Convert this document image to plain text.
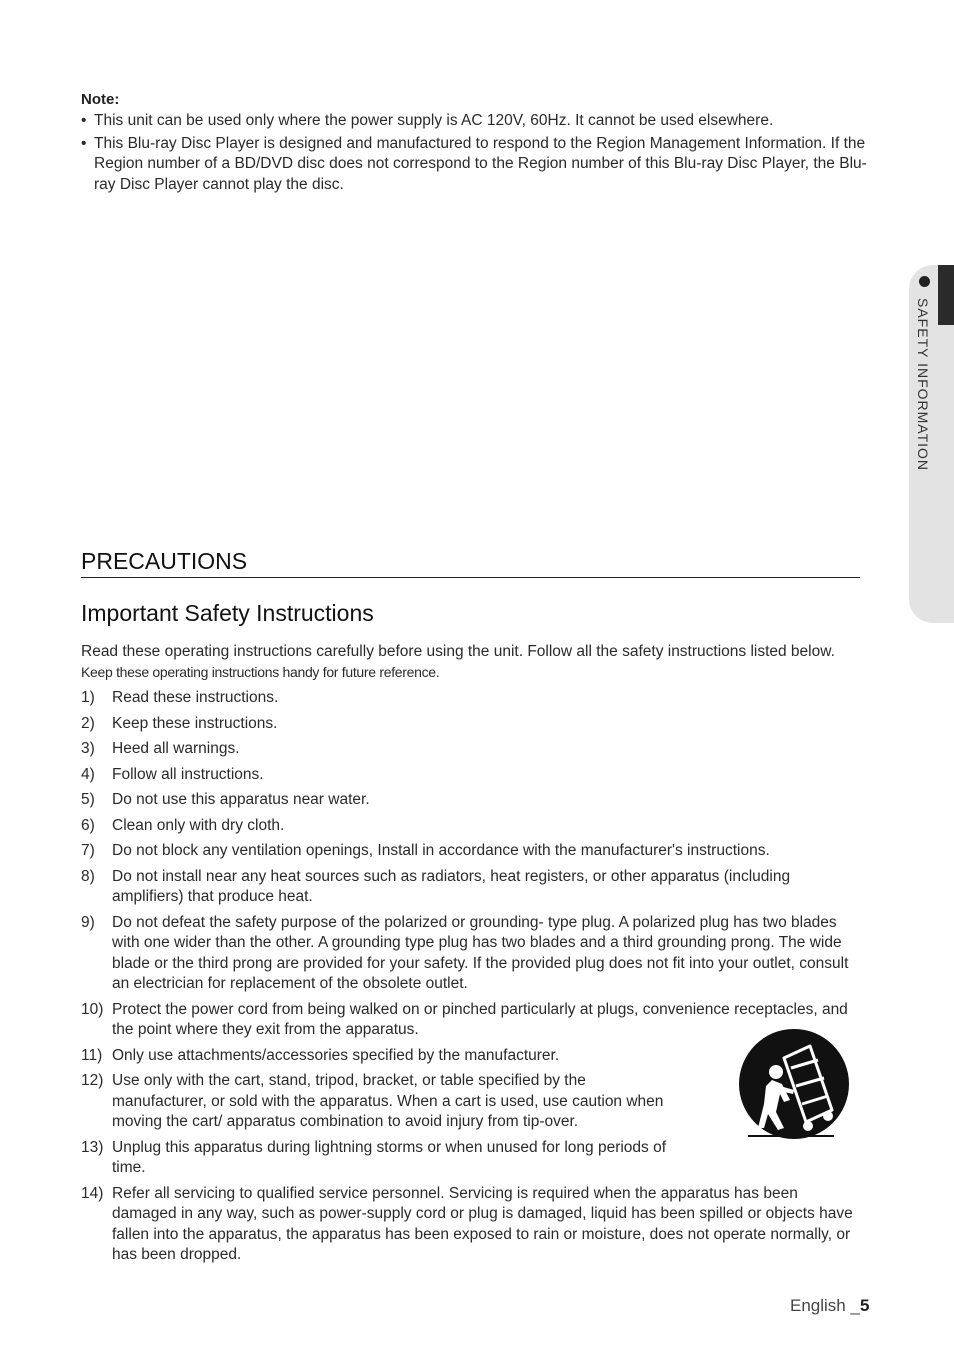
Note:
• This unit can be used only where the power supply is AC 120V, 60Hz. It cannot be used elsewhere.
• This Blu-ray Disc Player is designed and manufactured to respond to the Region Management Information. If the Region number of a BD/DVD disc does not correspond to the Region number of this Blu-ray Disc Player, the Blu-ray Disc Player cannot play the disc.
SAFETY INFORMATION
PRECAUTIONS
Important Safety Instructions
Read these operating instructions carefully before using the unit. Follow all the safety instructions listed below. Keep these operating instructions handy for future reference.
1) Read these instructions.
2) Keep these instructions.
3) Heed all warnings.
4) Follow all instructions.
5) Do not use this apparatus near water.
6) Clean only with dry cloth.
7) Do not block any ventilation openings, Install in accordance with the manufacturer's instructions.
8) Do not install near any heat sources such as radiators, heat registers, or other apparatus (including amplifiers) that produce heat.
9) Do not defeat the safety purpose of the polarized or grounding- type plug. A polarized plug has two blades with one wider than the other. A grounding type plug has two blades and a third grounding prong. The wide blade or the third prong are provided for your safety. If the provided plug does not fit into your outlet, consult an electrician for replacement of the obsolete outlet.
10) Protect the power cord from being walked on or pinched particularly at plugs, convenience receptacles, and the point where they exit from the apparatus.
11) Only use attachments/accessories specified by the manufacturer.
12) Use only with the cart, stand, tripod, bracket, or table specified by the manufacturer, or sold with the apparatus. When a cart is used, use caution when moving the cart/ apparatus combination to avoid injury from tip-over.
13) Unplug this apparatus during lightning storms or when unused for long periods of time.
14) Refer all servicing to qualified service personnel. Servicing is required when the apparatus has been damaged in any way, such as power-supply cord or plug is damaged, liquid has been spilled or objects have fallen into the apparatus, the apparatus has been exposed to rain or moisture, does not operate normally, or has been dropped.
English _5
